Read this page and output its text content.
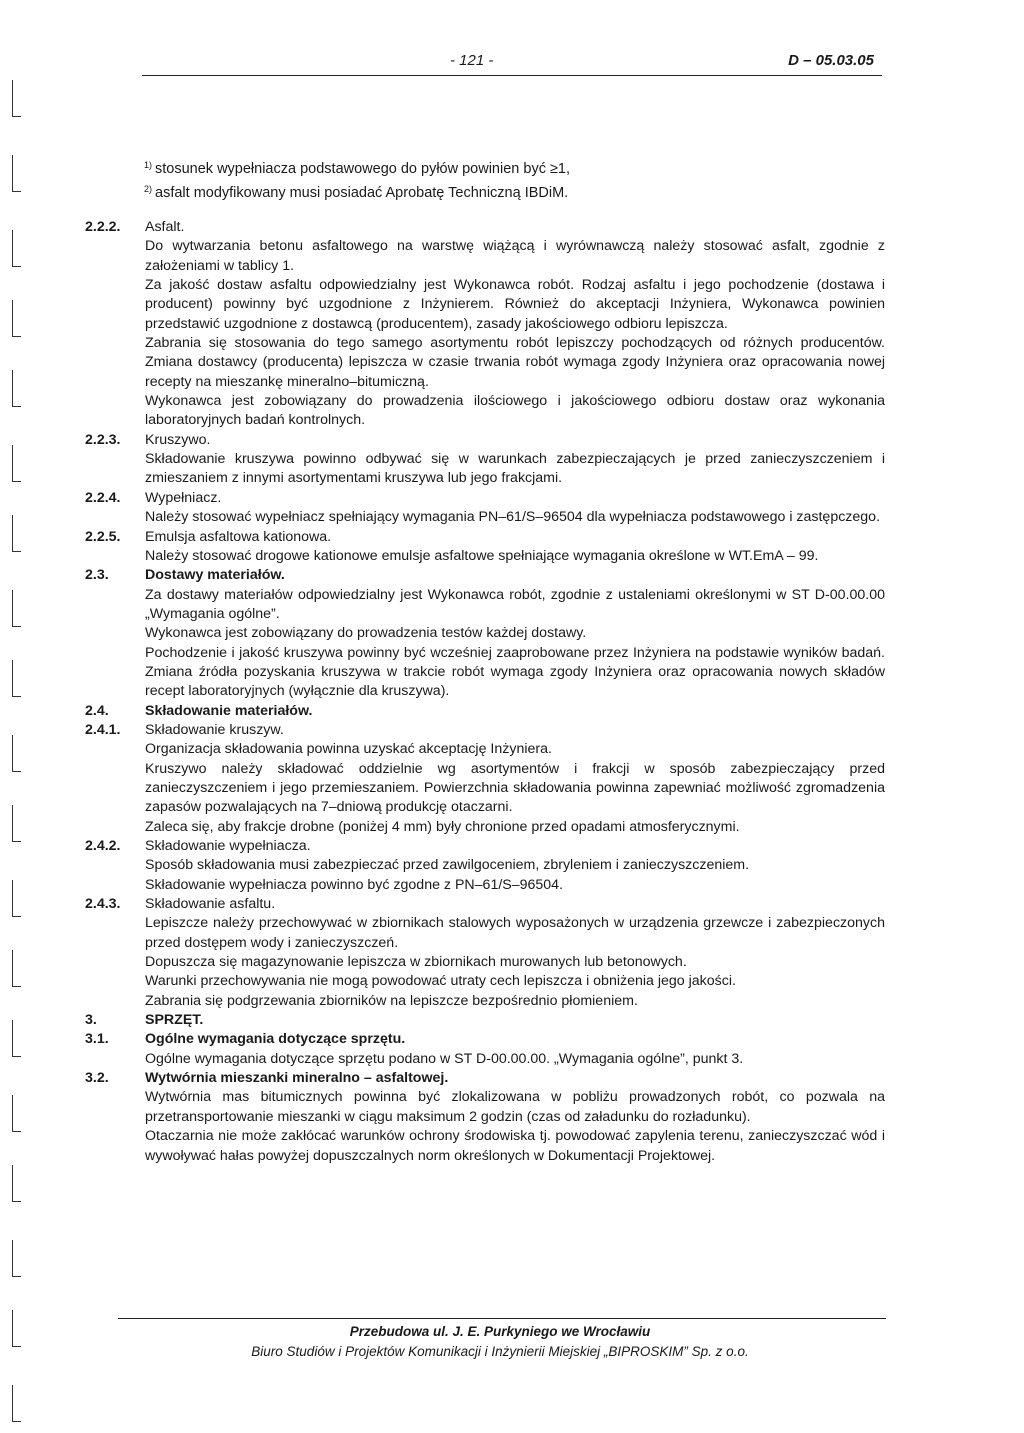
- 121 -	D – 05.03.05
$^{1)}$ stosunek wypełniacza podstawowego do pyłów powinien być ≥1,
$^{2)}$ asfalt modyfikowany musi posiadać Aprobatę Techniczną IBDiM.
2.2.2.	Asfalt.

Do wytwarzania betonu asfaltowego na warstwę wiążącą i wyrównawczą należy stosować asfalt, zgodnie z założeniami w tablicy 1.

Za jakość dostaw asfaltu odpowiedzialny jest Wykonawca robót. Rodzaj asfaltu i jego pochodzenie (dostawa i producent) powinny być uzgodnione z Inżynierem. Również do akceptacji Inżyniera, Wykonawca powinien przedstawić uzgodnione z dostawcą (producentem), zasady jakościowego odbioru lepiszcza.

Zabrania się stosowania do tego samego asortymentu robót lepiszczy pochodzących od różnych producentów. Zmiana dostawcy (producenta) lepiszcza w czasie trwania robót wymaga zgody Inżyniera oraz opracowania nowej recepty na mieszankę mineralno–bitumiczną.

Wykonawca jest zobowiązany do prowadzenia ilościowego i jakościowego odbioru dostaw oraz wykonania laboratoryjnych badań kontrolnych.

2.2.3.	Kruszywo.

Składowanie kruszywa powinno odbywać się w warunkach zabezpieczających je przed zanieczyszczeniem i zmieszaniem z innymi asortymentami kruszywa lub jego frakcjami.

2.2.4.	Wypełniacz.

Należy stosować wypełniacz spełniający wymagania PN–61/S–96504 dla wypełniacza podstawowego i zastępczego.

2.2.5.	Emulsja asfaltowa kationowa.

Należy stosować drogowe kationowe emulsje asfaltowe spełniające wymagania określone w WT.EmA – 99.

2.3.	Dostawy materiałów.

Za dostawy materiałów odpowiedzialny jest Wykonawca robót, zgodnie z ustaleniami określonymi w ST D-00.00.00 „Wymagania ogólne”.

Wykonawca jest zobowiązany do prowadzenia testów każdej dostawy.

Pochodzenie i jakość kruszywa powinny być wcześniej zaaprobowane przez Inżyniera na podstawie wyników badań. Zmiana źródła pozyskania kruszywa w trakcie robót wymaga zgody Inżyniera oraz opracowania nowych składów recept laboratoryjnych (wyłącznie dla kruszywa).

2.4.	Składowanie materiałów.
2.4.1.	Składowanie kruszyw.

Organizacja składowania powinna uzyskać akceptację Inżyniera.

Kruszywo należy składować oddzielnie wg asortymentów i frakcji w sposób zabezpieczający przed zanieczyszczeniem i jego przemieszaniem. Powierzchnia składowania powinna zapewniać możliwość zgromadzenia zapasów pozwalających na 7–dniową produkcję otaczarni.

Zaleca się, aby frakcje drobne (poniżej 4 mm) były chronione przed opadami atmosferycznymi.

2.4.2.	Składowanie wypełniacza.

Sposób składowania musi zabezpieczać przed zawilgoceniem, zbryleniem i zanieczyszczeniem.

Składowanie wypełniacza powinno być zgodne z PN–61/S–96504.

2.4.3.	Składowanie asfaltu.

Lepiszcze należy przechowywać w zbiornikach stalowych wyposażonych w urządzenia grzewcze i zabezpieczonych przed dostępem wody i zanieczyszczeń.

Dopuszcza się magazynowanie lepiszcza w zbiornikach murowanych lub betonowych.

Warunki przechowywania nie mogą powodować utraty cech lepiszcza i obniżenia jego jakości.

Zabrania się podgrzewania zbiorników na lepiszcze bezpośrednio płomieniem.

3.	SPRZĘT.
3.1.	Ogólne wymagania dotyczące sprzętu.

Ogólne wymagania dotyczące sprzętu podano w ST D-00.00.00. „Wymagania ogólne”, punkt 3.

3.2.	Wytwórnia mieszanki mineralno – asfaltowej.

Wytwórnia mas bitumicznych powinna być zlokalizowana w pobliżu prowadzonych robót, co pozwala na przetransportowanie mieszanki w ciągu maksimum 2 godzin (czas od załadunku do rozładunku).

Otaczarnia nie może zakłócać warunków ochrony środowiska tj. powodować zapylenia terenu, zanieczyszczać wód i wywoływać hałas powyżej dopuszczalnych norm określonych w Dokumentacji Projektowej.

Przebudowa ul. J. E. Purkyniego we Wrocławiu
Biuro Studiów i Projektów Komunikacji i Inżynierii Miejskiej „BIPROSKIM” Sp. z o.o.
